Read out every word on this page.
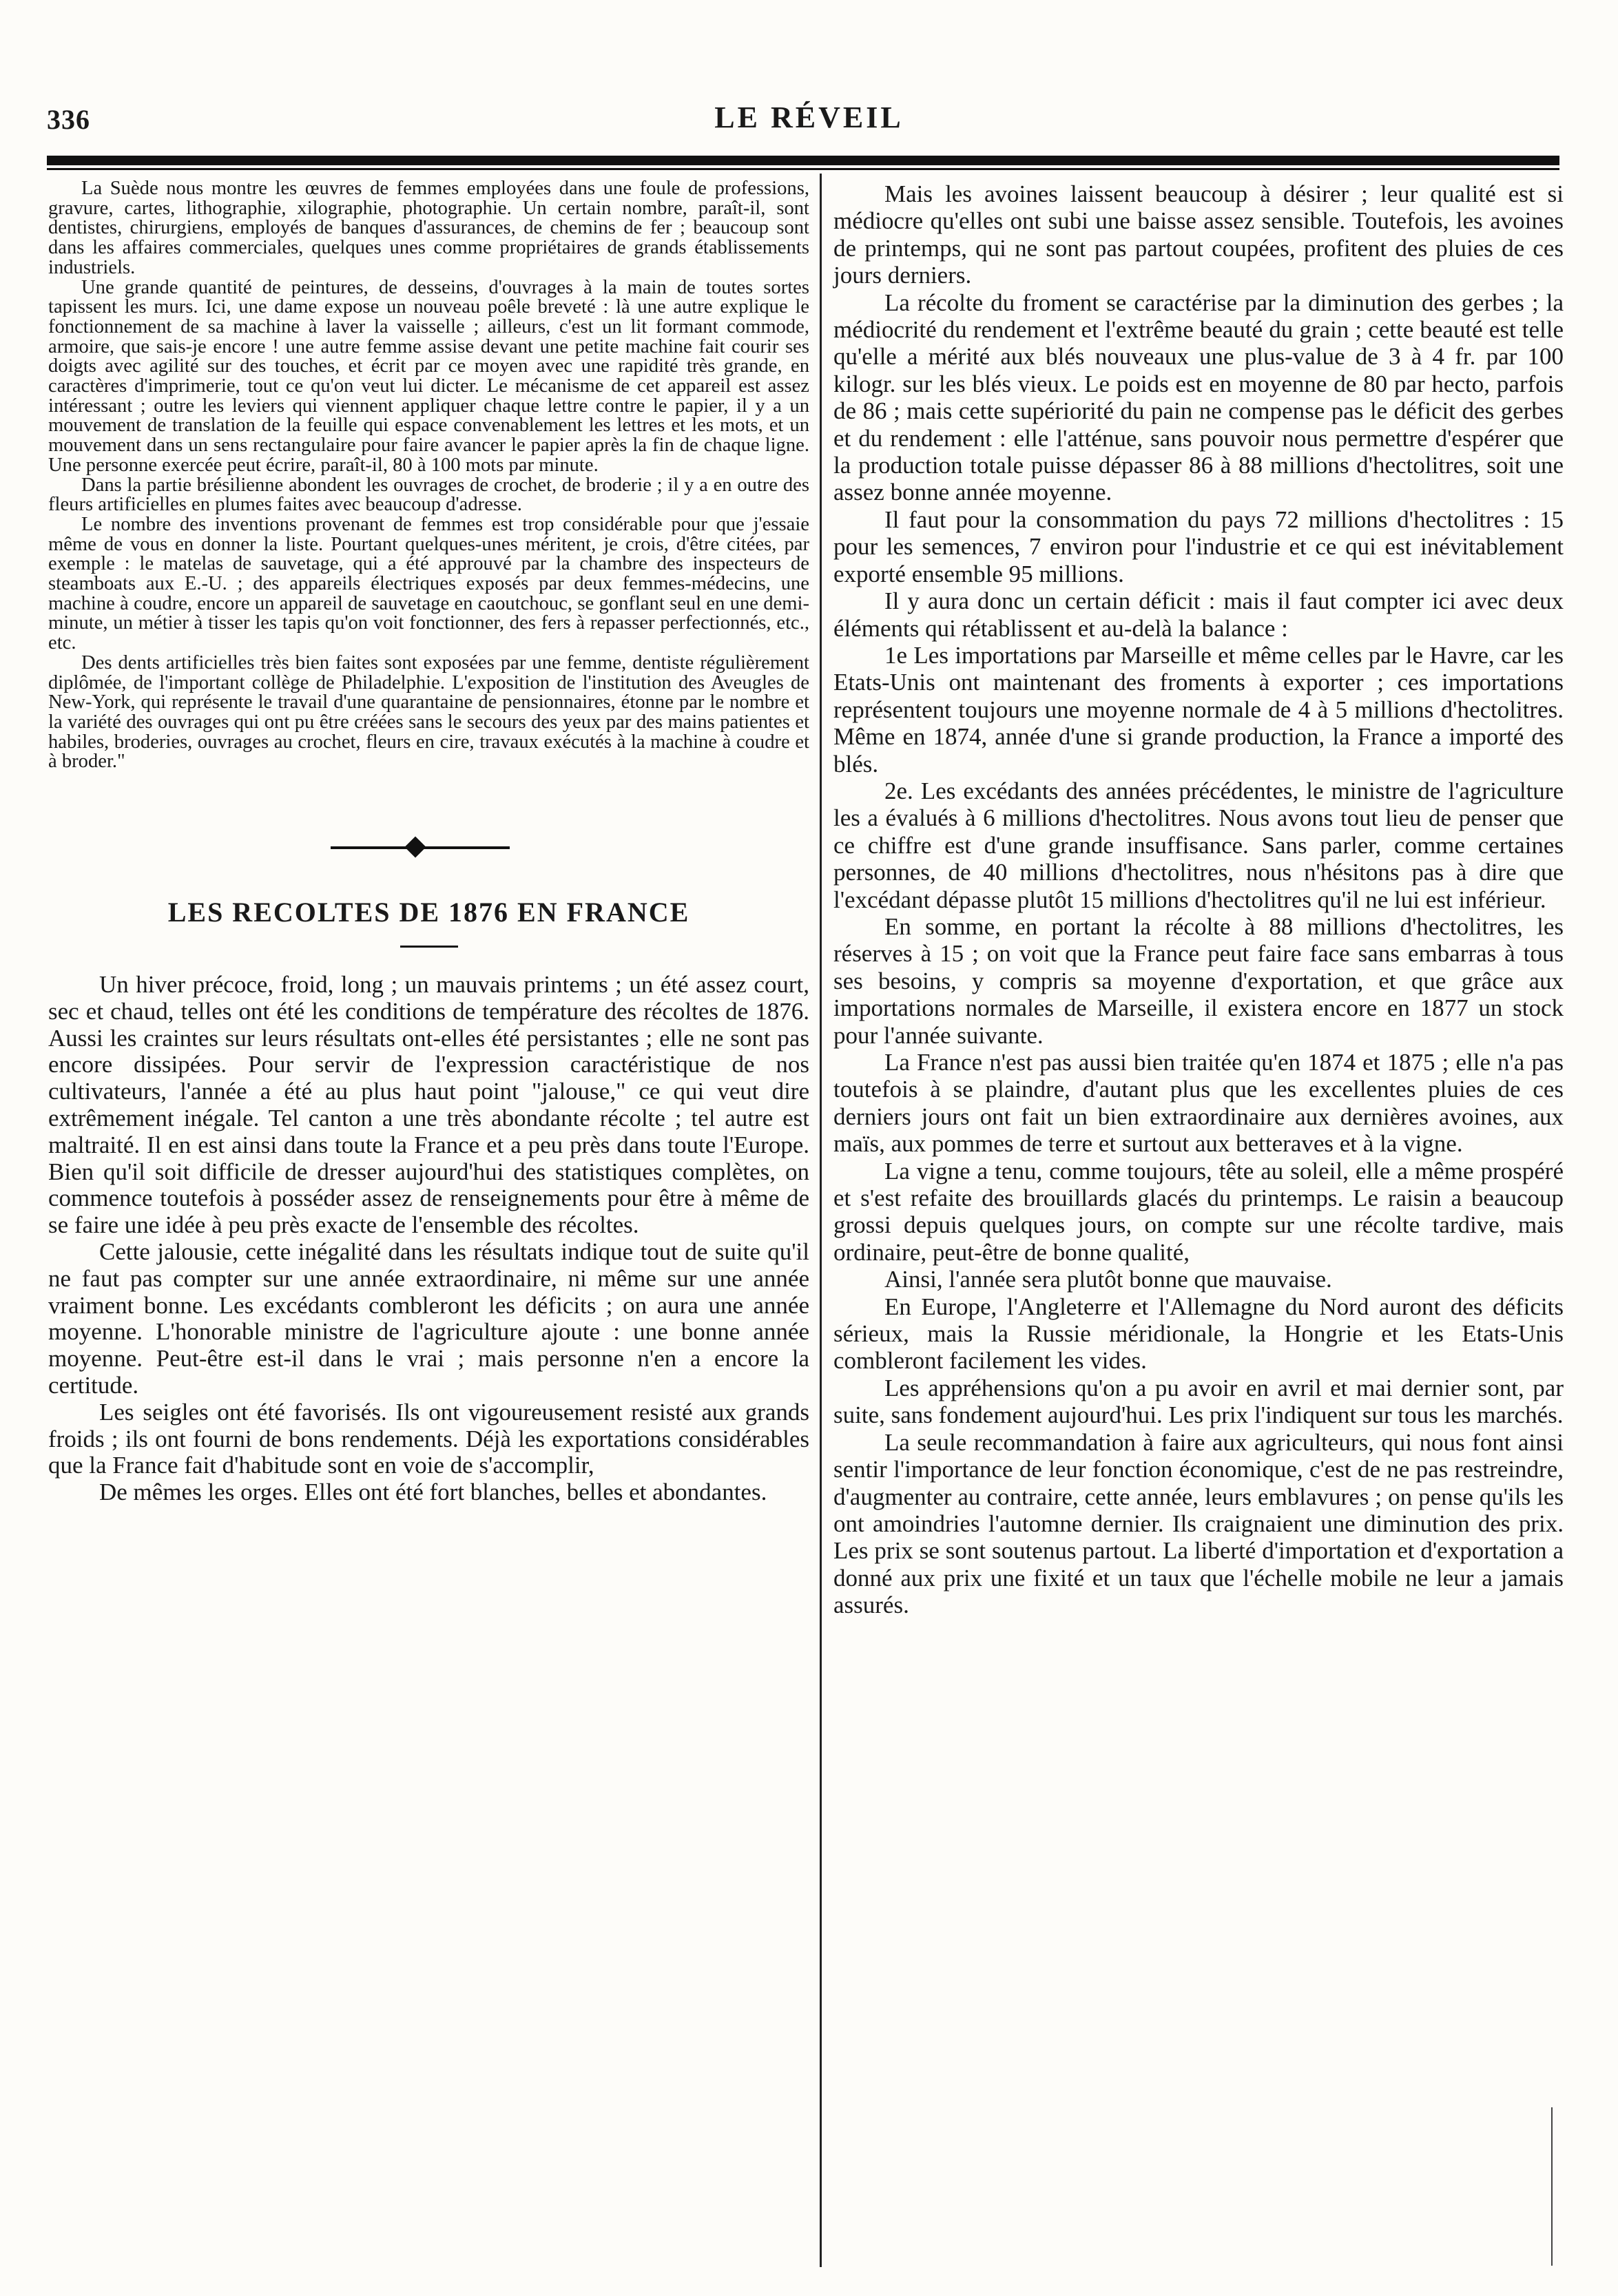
336	LE RÉVEIL

La Suède nous montre les œuvres de femmes employées dans une foule de professions, gravure, cartes, lithographie, xilographie, photographie. Un certain nombre, paraît-il, sont dentistes, chirurgiens, employés de banques d'assurances, de chemins de fer ; beaucoup sont dans les affaires commerciales, quelques unes comme propriétaires de grands établissements industriels.

Une grande quantité de peintures, de desseins, d'ouvrages à la main de toutes sortes tapissent les murs. Ici, une dame expose un nouveau poêle breveté : là une autre explique le fonctionnement de sa machine à laver la vaisselle ; ailleurs, c'est un lit formant commode, armoire, que sais-je encore ! une autre femme assise devant une petite machine fait courir ses doigts avec agilité sur des touches, et écrit par ce moyen avec une rapidité très grande, en caractères d'imprimerie, tout ce qu'on veut lui dicter. Le mécanisme de cet appareil est assez intéressant ; outre les leviers qui viennent appliquer chaque lettre contre le papier, il y a un mouvement de translation de la feuille qui espace convenablement les lettres et les mots, et un mouvement dans un sens rectangulaire pour faire avancer le papier après la fin de chaque ligne. Une personne exercée peut écrire, paraît-il, 80 à 100 mots par minute.

Dans la partie brésilienne abondent les ouvrages de crochet, de broderie ; il y a en outre des fleurs artificielles en plumes faites avec beaucoup d'adresse.

Le nombre des inventions provenant de femmes est trop considérable pour que j'essaie même de vous en donner la liste. Pourtant quelques-unes méritent, je crois, d'être citées, par exemple : le matelas de sauvetage, qui a été approuvé par la chambre des inspecteurs de steamboats aux E.-U. ; des appareils électriques exposés par deux femmes-médecins, une machine à coudre, encore un appareil de sauvetage en caoutchouc, se gonflant seul en une demi-minute, un métier à tisser les tapis qu'on voit fonctionner, des fers à repasser perfectionnés, etc., etc.

Des dents artificielles très bien faites sont exposées par une femme, dentiste régulièrement diplômée, de l'important collège de Philadelphie. L'exposition de l'institution des Aveugles de New-York, qui représente le travail d'une quarantaine de pensionnaires, étonne par le nombre et la variété des ouvrages qui ont pu être créées sans le secours des yeux par des mains patientes et habiles, broderies, ouvrages au crochet, fleurs en cire, travaux exécutés à la machine à coudre et à broder."

LES RECOLTES DE 1876 EN FRANCE

Un hiver précoce, froid, long ; un mauvais printems ; un été assez court, sec et chaud, telles ont été les conditions de température des récoltes de 1876. Aussi les craintes sur leurs résultats ont-elles été persistantes ; elle ne sont pas encore dissipées. Pour servir de l'expression caractéristique de nos cultivateurs, l'année a été au plus haut point "jalouse," ce qui veut dire extrêmement inégale. Tel canton a une très abondante récolte ; tel autre est maltraité. Il en est ainsi dans toute la France et a peu près dans toute l'Europe. Bien qu'il soit difficile de dresser aujourd'hui des statistiques complètes, on commence toutefois à posséder assez de renseignements pour être à même de se faire une idée à peu près exacte de l'ensemble des récoltes.

Cette jalousie, cette inégalité dans les résultats indique tout de suite qu'il ne faut pas compter sur une année extraordinaire, ni même sur une année vraiment bonne. Les excédants combleront les déficits ; on aura une année moyenne. L'honorable ministre de l'agriculture ajoute : une bonne année moyenne. Peut-être est-il dans le vrai ; mais personne n'en a encore la certitude.

Les seigles ont été favorisés. Ils ont vigoureusement resisté aux grands froids ; ils ont fourni de bons rendements. Déjà les exportations considérables que la France fait d'habitude sont en voie de s'accomplir,

De mêmes les orges. Elles ont été fort blanches, belles et abondantes.

Mais les avoines laissent beaucoup à désirer ; leur qualité est si médiocre qu'elles ont subi une baisse assez sensible. Toutefois, les avoines de printemps, qui ne sont pas partout coupées, profitent des pluies de ces jours derniers.

La récolte du froment se caractérise par la diminution des gerbes ; la médiocrité du rendement et l'extrême beauté du grain ; cette beauté est telle qu'elle a mérité aux blés nouveaux une plus-value de 3 à 4 fr. par 100 kilogr. sur les blés vieux. Le poids est en moyenne de 80 par hecto, parfois de 86 ; mais cette supériorité du pain ne compense pas le déficit des gerbes et du rendement : elle l'atténue, sans pouvoir nous permettre d'espérer que la production totale puisse dépasser 86 à 88 millions d'hectolitres, soit une assez bonne année moyenne.

Il faut pour la consommation du pays 72 millions d'hectolitres : 15 pour les semences, 7 environ pour l'industrie et ce qui est inévitablement exporté ensemble 95 millions.

Il y aura donc un certain déficit : mais il faut compter ici avec deux éléments qui rétablissent et au-delà la balance :

1e Les importations par Marseille et même celles par le Havre, car les Etats-Unis ont maintenant des froments à exporter ; ces importations représentent toujours une moyenne normale de 4 à 5 millions d'hectolitres. Même en 1874, année d'une si grande production, la France a importé des blés.

2e. Les excédants des années précédentes, le ministre de l'agriculture les a évalués à 6 millions d'hectolitres. Nous avons tout lieu de penser que ce chiffre est d'une grande insuffisance. Sans parler, comme certaines personnes, de 40 millions d'hectolitres, nous n'hésitons pas à dire que l'excédant dépasse plutôt 15 millions d'hectolitres qu'il ne lui est inférieur.

En somme, en portant la récolte à 88 millions d'hectolitres, les réserves à 15 ; on voit que la France peut faire face sans embarras à tous ses besoins, y compris sa moyenne d'exportation, et que grâce aux importations normales de Marseille, il existera encore en 1877 un stock pour l'année suivante.

La France n'est pas aussi bien traitée qu'en 1874 et 1875 ; elle n'a pas toutefois à se plaindre, d'autant plus que les excellentes pluies de ces derniers jours ont fait un bien extraordinaire aux dernières avoines, aux maïs, aux pommes de terre et surtout aux betteraves et à la vigne.

La vigne a tenu, comme toujours, tête au soleil, elle a même prospéré et s'est refaite des brouillards glacés du printemps. Le raisin a beaucoup grossi depuis quelques jours, on compte sur une récolte tardive, mais ordinaire, peut-être de bonne qualité,

Ainsi, l'année sera plutôt bonne que mauvaise.

En Europe, l'Angleterre et l'Allemagne du Nord auront des déficits sérieux, mais la Russie méridionale, la Hongrie et les Etats-Unis combleront facilement les vides.

Les appréhensions qu'on a pu avoir en avril et mai dernier sont, par suite, sans fondement aujourd'hui. Les prix l'indiquent sur tous les marchés.

La seule recommandation à faire aux agriculteurs, qui nous font ainsi sentir l'importance de leur fonction économique, c'est de ne pas restreindre, d'augmenter au contraire, cette année, leurs emblavures ; on pense qu'ils les ont amoindries l'automne dernier. Ils craignaient une diminution des prix. Les prix se sont soutenus partout. La liberté d'importation et d'exportation a donné aux prix une fixité et un taux que l'échelle mobile ne leur a jamais assurés.
